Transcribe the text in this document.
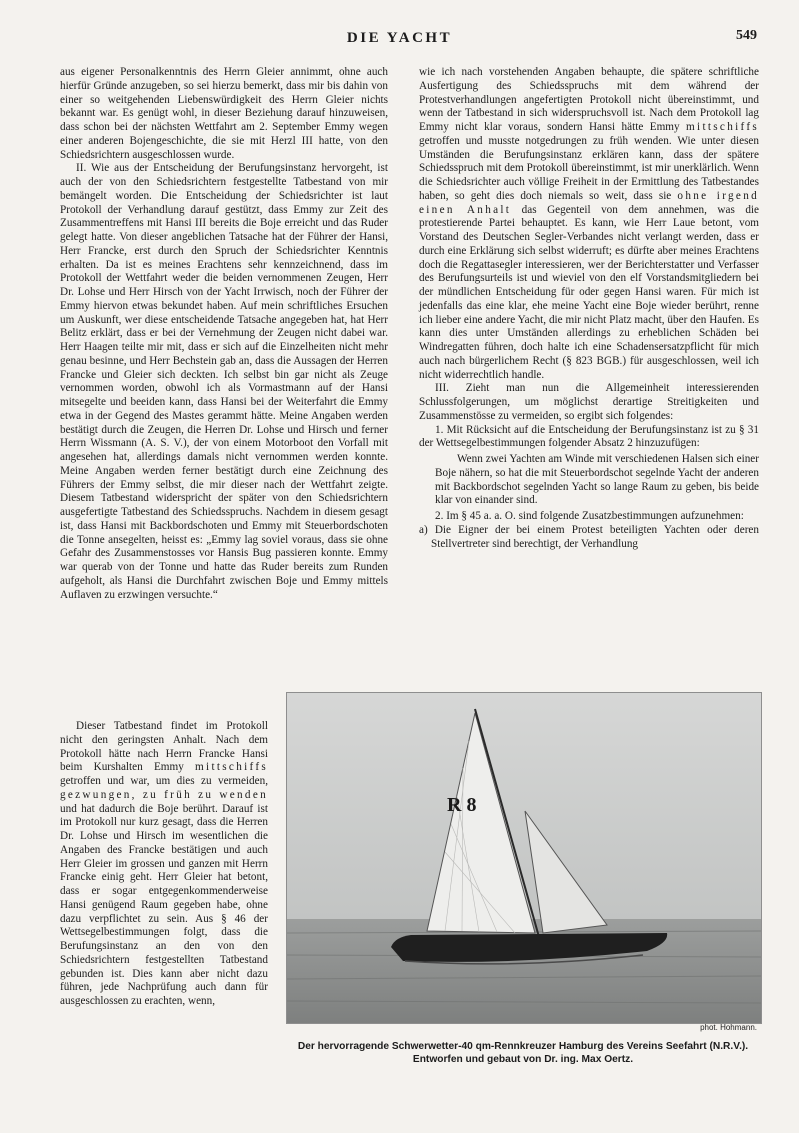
DIE YACHT	549

aus eigener Personalkenntnis des Herrn Gleier annimmt, ohne auch hierfür Gründe anzugeben, so sei hierzu bemerkt, dass mir bis dahin von einer so weitgehenden Liebenswürdigkeit des Herrn Gleier nichts bekannt war. Es genügt wohl, in dieser Beziehung darauf hinzuweisen, dass schon bei der nächsten Wettfahrt am 2. September Emmy wegen einer anderen Bojengeschichte, die sie mit Herzl III hatte, von den Schiedsrichtern ausgeschlossen wurde.

II. Wie aus der Entscheidung der Berufungsinstanz hervorgeht, ist auch der von den Schiedsrichtern festgestellte Tatbestand von mir bemängelt worden. Die Entscheidung der Schiedsrichter ist laut Protokoll der Verhandlung darauf gestützt, dass Emmy zur Zeit des Zusammentreffens mit Hansi III bereits die Boje erreicht und das Ruder gelegt hatte. Von dieser angeblichen Tatsache hat der Führer der Hansi, Herr Francke, erst durch den Spruch der Schiedsrichter Kenntnis erhalten. Da ist es meines Erachtens sehr kennzeichnend, dass im Protokoll der Wettfahrt weder die beiden vernommenen Zeugen, Herr Dr. Lohse und Herr Hirsch von der Yacht Irrwisch, noch der Führer der Emmy hiervon etwas bekundet haben. Auf mein schriftliches Ersuchen um Auskunft, wer diese entscheidende Tatsache angegeben hat, hat Herr Belitz erklärt, dass er bei der Vernehmung der Zeugen nicht dabei war. Herr Haagen teilte mir mit, dass er sich auf die Einzelheiten nicht mehr genau besinne, und Herr Bechstein gab an, dass die Aussagen der Herren Francke und Gleier sich deckten. Ich selbst bin gar nicht als Zeuge vernommen worden, obwohl ich als Vormastmann auf der Hansi mitsegelte und beeiden kann, dass Hansi bei der Weiterfahrt die Emmy etwa in der Gegend des Mastes gerammt hätte. Meine Angaben werden bestätigt durch die Zeugen, die Herren Dr. Lohse und Hirsch und ferner Herrn Wissmann (A. S. V.), der von einem Motorboot den Vorfall mit angesehen hat, allerdings damals nicht vernommen werden konnte. Meine Angaben werden ferner bestätigt durch eine Zeichnung des Führers der Emmy selbst, die mir dieser nach der Wettfahrt zeigte. Diesem Tatbestand widerspricht der später von den Schiedsrichtern ausgefertigte Tatbestand des Schiedsspruchs. Nachdem in diesem gesagt ist, dass Hansi mit Backbordschoten und Emmy mit Steuerbordschoten die Tonne ansegelten, heisst es: „Emmy lag soviel voraus, dass sie ohne Gefahr des Zusammenstosses vor Hansis Bug passieren konnte. Emmy war querab von der Tonne und hatte das Ruder bereits zum Runden aufgeholt, als Hansi die Durchfahrt zwischen Boje und Emmy mittels Auflaven zu erzwingen versuchte.“

Dieser Tatbestand findet im Protokoll nicht den geringsten Anhalt. Nach dem Protokoll hätte nach Herrn Francke Hansi beim Kurshalten Emmy mittschiffs getroffen und war, um dies zu vermeiden, gezwungen, zu früh zu wenden und hat dadurch die Boje berührt. Darauf ist im Protokoll nur kurz gesagt, dass die Herren Dr. Lohse und Hirsch im wesentlichen die Angaben des Francke bestätigen und auch Herr Gleier im grossen und ganzen mit Herrn Francke einig geht. Herr Gleier hat betont, dass er sogar entgegenkommenderweise Hansi genügend Raum gegeben habe, ohne dazu verpflichtet zu sein. Aus § 46 der Wettsegelbestimmungen folgt, dass die Berufungsinstanz an den von den Schiedsrichtern festgestellten Tatbestand gebunden ist. Dies kann aber nicht dazu führen, jede Nachprüfung auch dann für ausgeschlossen zu erachten, wenn,

wie ich nach vorstehenden Angaben behaupte, die spätere schriftliche Ausfertigung des Schiedsspruchs mit dem während der Protestverhandlungen angefertigten Protokoll nicht übereinstimmt, und wenn der Tatbestand in sich widerspruchsvoll ist. Nach dem Protokoll lag Emmy nicht klar voraus, sondern Hansi hätte Emmy mittschiffs getroffen und musste notgedrungen zu früh wenden. Wie unter diesen Umständen die Berufungsinstanz erklären kann, dass der spätere Schiedsspruch mit dem Protokoll übereinstimmt, ist mir unerklärlich. Wenn die Schiedsrichter auch völlige Freiheit in der Ermittlung des Tatbestandes haben, so geht dies doch niemals so weit, dass sie ohne irgend einen Anhalt das Gegenteil von dem annehmen, was die protestierende Partei behauptet. Es kann, wie Herr Laue betont, vom Vorstand des Deutschen Segler-Verbandes nicht verlangt werden, dass er durch eine Erklärung sich selbst widerruft; es dürfte aber meines Erachtens doch die Regattasegler interessieren, wer der Berichterstatter und Verfasser des Berufungsurteils ist und wieviel von den elf Vorstandsmitgliedern bei der mündlichen Entscheidung für oder gegen Hansi waren. Für mich ist jedenfalls das eine klar, ehe meine Yacht eine Boje wieder berührt, renne ich lieber eine andere Yacht, die mir nicht Platz macht, über den Haufen. Es kann dies unter Umständen allerdings zu erheblichen Schäden bei Windregatten führen, doch halte ich eine Schadensersatzpflicht für mich auch nach bürgerlichem Recht (§ 823 BGB.) für ausgeschlossen, weil ich nicht widerrechtlich handle.

III. Zieht man nun die Allgemeinheit interessierenden Schlussfolgerungen, um möglichst derartige Streitigkeiten und Zusammenstösse zu vermeiden, so ergibt sich folgendes:

1. Mit Rücksicht auf die Entscheidung der Berufungsinstanz ist zu § 31 der Wettsegelbestimmungen folgender Absatz 2 hinzuzufügen:

Wenn zwei Yachten am Winde mit verschiedenen Halsen sich einer Boje nähern, so hat die mit Steuerbordschot segelnde Yacht der anderen mit Backbordschot segelnden Yacht so lange Raum zu geben, bis beide klar von einander sind.

2. Im § 45 a. a. O. sind folgende Zusatzbestimmungen aufzunehmen:

a) Die Eigner der bei einem Protest beteiligten Yachten oder deren Stellvertreter sind berechtigt, der Verhandlung

R 8
phot. Hohmann.
Der hervorragende Schwerwetter-40 qm-Rennkreuzer Hamburg des Vereins Seefahrt (N.R.V.).
Entworfen und gebaut von Dr. ing. Max Oertz.
